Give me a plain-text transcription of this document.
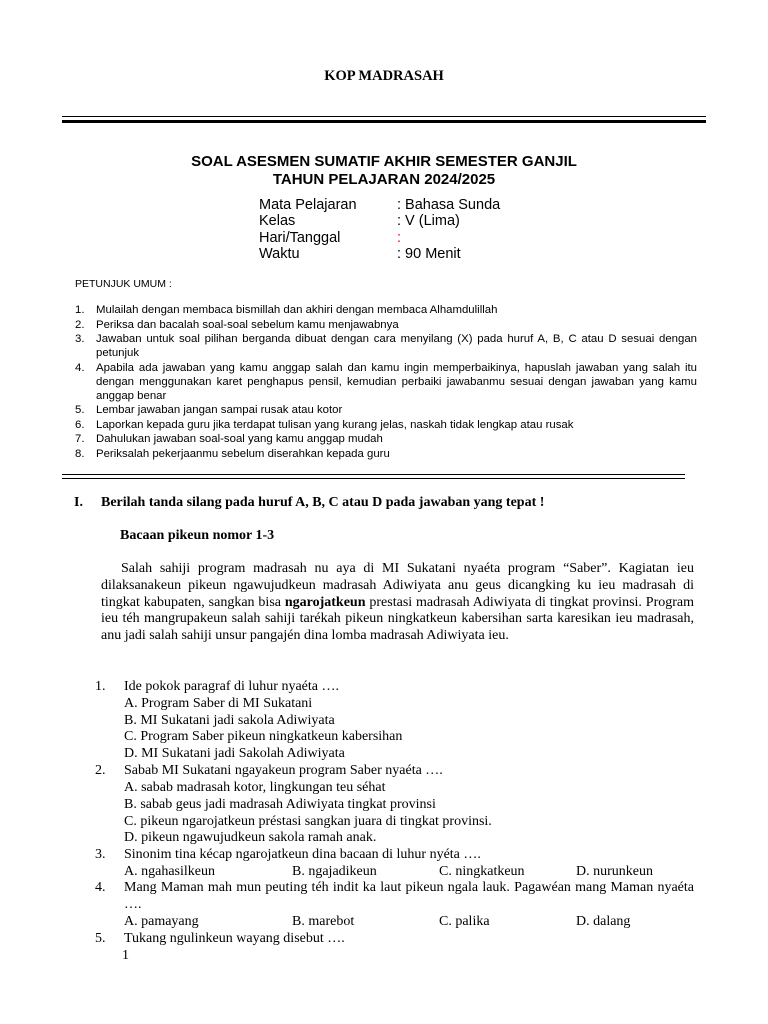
KOP MADRASAH
SOAL ASESMEN SUMATIF AKHIR SEMESTER GANJIL
TAHUN PELAJARAN 2024/2025
Mata Pelajaran	: Bahasa Sunda
Kelas	: V (Lima)
Hari/Tanggal	:
Waktu	: 90 Menit
PETUNJUK UMUM :
1. Mulailah dengan membaca bismillah dan akhiri dengan membaca Alhamdulillah
2. Periksa dan bacalah soal-soal sebelum kamu menjawabnya
3. Jawaban untuk soal pilihan berganda dibuat dengan cara menyilang (X) pada huruf A, B, C atau D sesuai dengan petunjuk
4. Apabila ada jawaban yang kamu anggap salah dan kamu ingin memperbaikinya, hapuslah jawaban yang salah itu dengan menggunakan karet penghapus pensil, kemudian perbaiki jawabanmu sesuai dengan jawaban yang kamu anggap benar
5. Lembar jawaban jangan sampai rusak atau kotor
6. Laporkan kepada guru jika terdapat tulisan yang kurang jelas, naskah tidak lengkap atau rusak
7. Dahulukan jawaban soal-soal yang kamu anggap mudah
8. Periksalah pekerjaanmu sebelum diserahkan kepada guru
I. Berilah tanda silang pada huruf A, B, C atau D pada jawaban yang tepat !
Bacaan pikeun nomor 1-3
Salah sahiji program madrasah nu aya di MI Sukatani nyaéta program “Saber”. Kagiatan ieu dilaksanakeun pikeun ngawujudkeun madrasah Adiwiyata anu geus dicangking ku ieu madrasah di tingkat kabupaten, sangkan bisa ngarojatkeun prestasi madrasah Adiwiyata di tingkat provinsi. Program ieu téh mangrupakeun salah sahiji tarékah pikeun ningkatkeun kabersihan sarta karesikan ieu madrasah, anu jadi salah sahiji unsur pangajén dina lomba madrasah Adiwiyata ieu.
1. Ide pokok paragraf di luhur nyaéta ….
A. Program Saber di MI Sukatani
B. MI Sukatani jadi sakola Adiwiyata
C. Program Saber pikeun ningkatkeun kabersihan
D. MI Sukatani jadi Sakolah Adiwiyata
2. Sabab MI Sukatani ngayakeun program Saber nyaéta ….
A. sabab madrasah kotor, lingkungan teu séhat
B. sabab geus jadi madrasah Adiwiyata tingkat provinsi
C. pikeun ngarojatkeun préstasi sangkan juara di tingkat provinsi.
D. pikeun ngawujudkeun sakola ramah anak.
3. Sinonim tina kécap ngarojatkeun dina bacaan di luhur nyéta ….
A. ngahasilkeun	B. ngajadikeun	C. ningkatkeun	D. nurunkeun
4. Mang Maman mah mun peuting téh indit ka laut pikeun ngala lauk. Pagawéan mang Maman nyaéta ….
A. pamayang	B. marebot	C. palika	D. dalang
5. Tukang ngulinkeun wayang disebut ….
1
